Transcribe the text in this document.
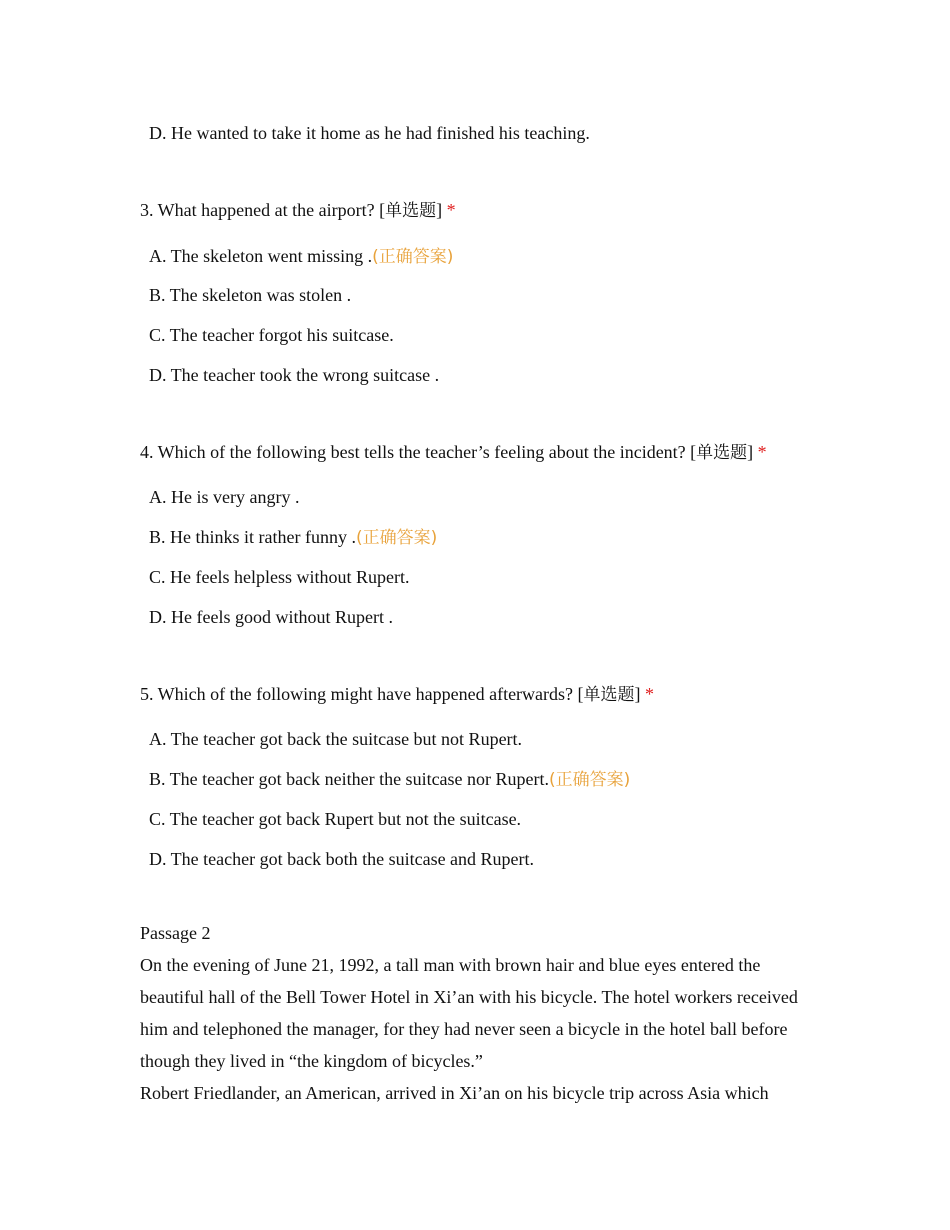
D. He wanted to take it home as he had finished his teaching.
3. What happened at the airport? [单选题] *
A. The skeleton went missing .(正确答案)
B. The skeleton was stolen .
C. The teacher forgot his suitcase.
D. The teacher took the wrong suitcase .
4. Which of the following best tells the teacher’s feeling about the incident? [单选题] *
A. He is very angry .
B. He thinks it rather funny .(正确答案)
C. He feels helpless without Rupert.
D. He feels good without Rupert .
5. Which of the following might have happened afterwards? [单选题] *
A. The teacher got back the suitcase but not Rupert.
B. The teacher got back neither the suitcase nor Rupert.(正确答案)
C. The teacher got back Rupert but not the suitcase.
D. The teacher got back both the suitcase and Rupert.
Passage 2
On the evening of June 21, 1992, a tall man with brown hair and blue eyes entered the beautiful hall of the Bell Tower Hotel in Xi’an with his bicycle. The hotel workers received him and telephoned the manager, for they had never seen a bicycle in the hotel ball before though they lived in “the kingdom of bicycles.”
Robert Friedlander, an American, arrived in Xi’an on his bicycle trip across Asia which
